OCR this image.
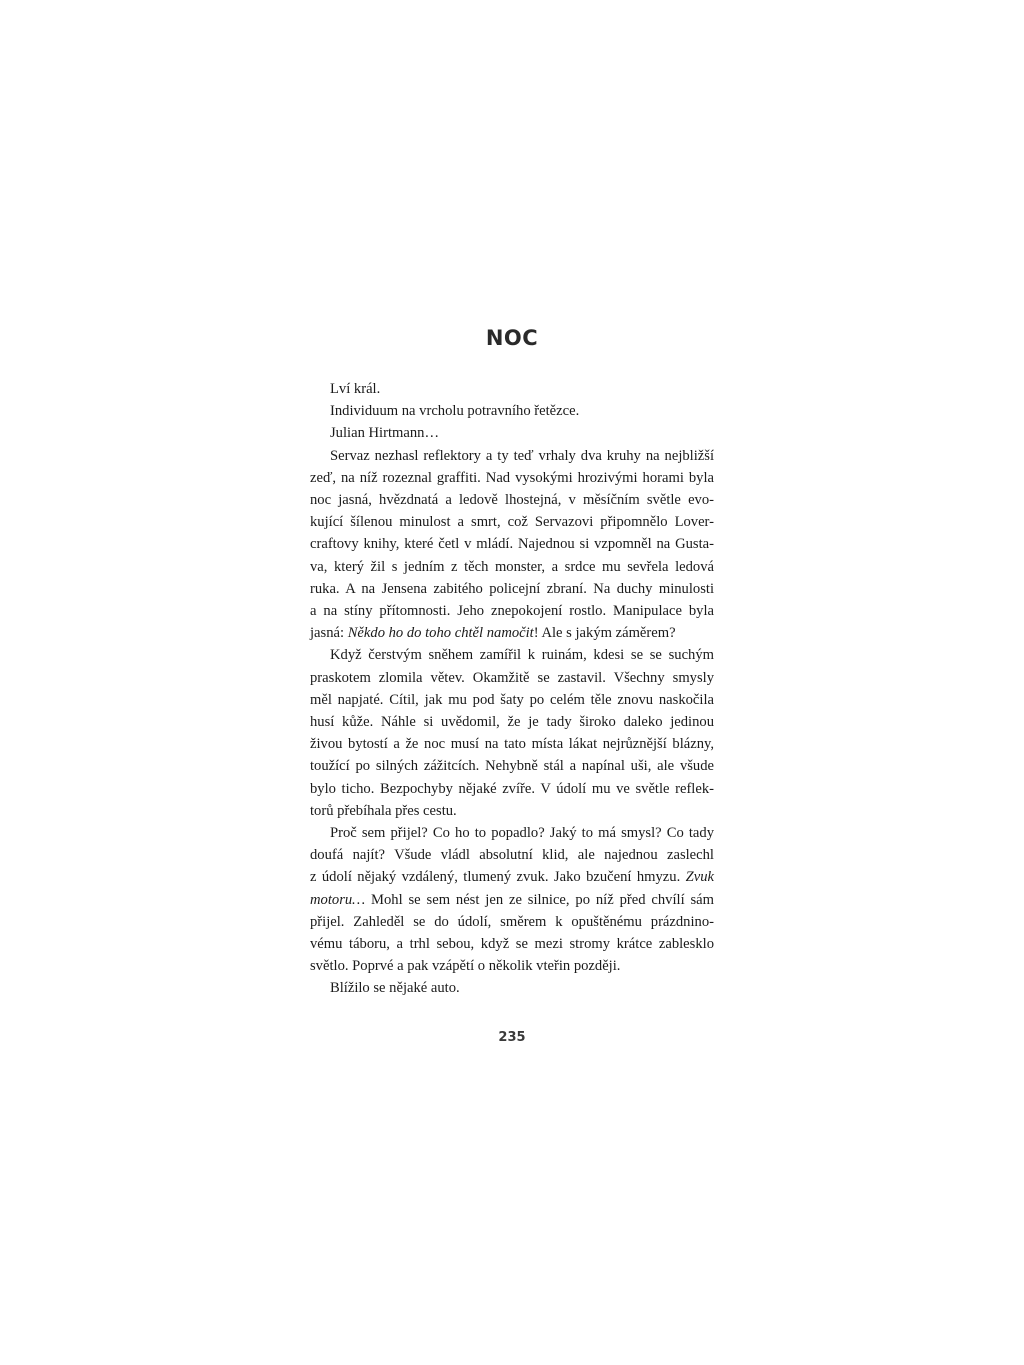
NOC
Lví král.
Individuum na vrcholu potravního řetězce.
Julian Hirtmann…
Servaz nezhasl reflektory a ty teď vrhaly dva kruhy na nejbližší
zeď, na níž rozeznal graffiti. Nad vysokými hrozivými horami byla
noc jasná, hvězdnatá a ledově lhostejná, v měsíčním světle evo-
kující šílenou minulost a smrt, což Servazovi připomnělo Lover-
craftovy knihy, které četl v mládí. Najednou si vzpomněl na Gusta-
va, který žil s jedním z těch monster, a srdce mu sevřela ledová
ruka. A na Jensena zabitého policejní zbraní. Na duchy minulosti
a na stíny přítomnosti. Jeho znepokojení rostlo. Manipulace byla
jasná: Někdo ho do toho chtěl namočit! Ale s jakým záměrem?
Když čerstvým sněhem zamířil k ruinám, kdesi se se suchým
praskotem zlomila větev. Okamžitě se zastavil. Všechny smysly
měl napjaté. Cítil, jak mu pod šaty po celém těle znovu naskočila
husí kůže. Náhle si uvědomil, že je tady široko daleko jedinou
živou bytostí a že noc musí na tato místa lákat nejrůznější blázny,
toužící po silných zážitcích. Nehybně stál a napínal uši, ale všude
bylo ticho. Bezpochyby nějaké zvíře. V údolí mu ve světle reflek-
torů přebíhala přes cestu.
Proč sem přijel? Co ho to popadlo? Jaký to má smysl? Co tady
doufá najít? Všude vládl absolutní klid, ale najednou zaslechl
z údolí nějaký vzdálený, tlumený zvuk. Jako bzučení hmyzu. Zvuk
motoru… Mohl se sem nést jen ze silnice, po níž před chvílí sám
přijel. Zahleděl se do údolí, směrem k opuštěnému prázdnino-
vému táboru, a trhl sebou, když se mezi stromy krátce zablesklo
světlo. Poprvé a pak vzápětí o několik vteřin později.
Blížilo se nějaké auto.
235
